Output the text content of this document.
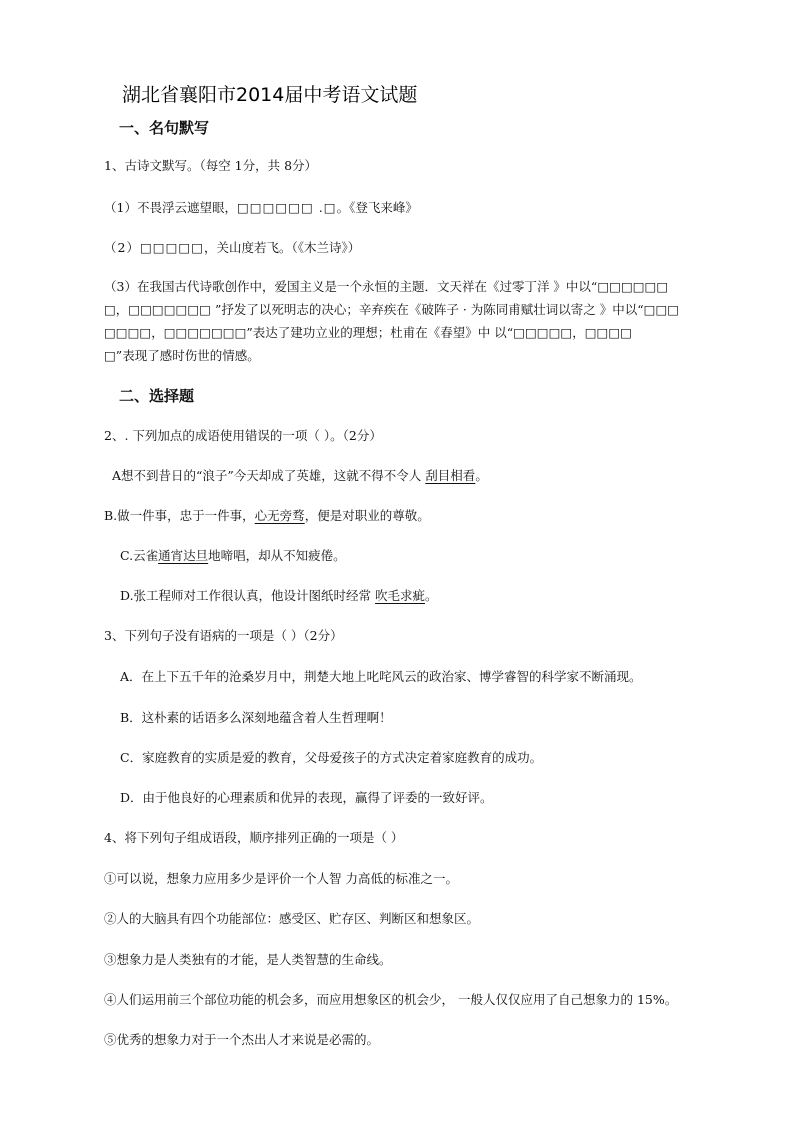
湖北省襄阳市2014届中考语文试题
一、名句默写
1、古诗文默写。（每空 1分，共 8分）
（1）不畏浮云遮望眼，□□□□□□ .□。《登飞来峰》
（2）□□□□□，关山度若飞。（《木兰诗》）
（3）在我国古代诗歌创作中，爱国主义是一个永恒的主题．文天祥在《过零丁洋 》中以“□□□□□□
□，□□□□□□□ ”抒发了以死明志的决心；辛弃疾在《破阵子 · 为陈同甫赋壮词以寄之 》中以“□□□
□□□□，□□□□□□□”表达了建功立业的理想；杜甫在《春望》中 以“□□□□□，□□□□
□”表现了感时伤世的情感。
二、选择题
2、. 下列加点的成语使用错误的一项（ ）。（2分）
A想不到昔日的“浪子”今天却成了英雄，这就不得不令人 刮目相看。
B.做一件事，忠于一件事，心无旁骛，便是对职业的尊敬。
C.云雀通宵达旦地啼唱，却从不知疲倦。
D.张工程师对工作很认真，他设计图纸时经常 吹毛求疵。
3、下列句子没有语病的一项是（ ）（2分）
A．在上下五千年的沧桑岁月中，荆楚大地上叱咤风云的政治家、博学睿智的科学家不断涌现。
B．这朴素的话语多么深刻地蕴含着人生哲理啊！
C．家庭教育的实质是爱的教育，父母爱孩子的方式决定着家庭教育的成功。
D．由于他良好的心理素质和优异的表现，赢得了评委的一致好评。
4、将下列句子组成语段，顺序排列正确的一项是（ ）
①可以说，想象力应用多少是评价一个人智 力高低的标准之一。
②人的大脑具有四个功能部位：感受区、贮存区、判断区和想象区。
③想象力是人类独有的才能，是人类智慧的生命线。
④人们运用前三个部位功能的机会多，而应用想象区的机会少， 一般人仅仅应用了自己想象力的 15%。
⑤优秀的想象力对于一个杰出人才来说是必需的。
